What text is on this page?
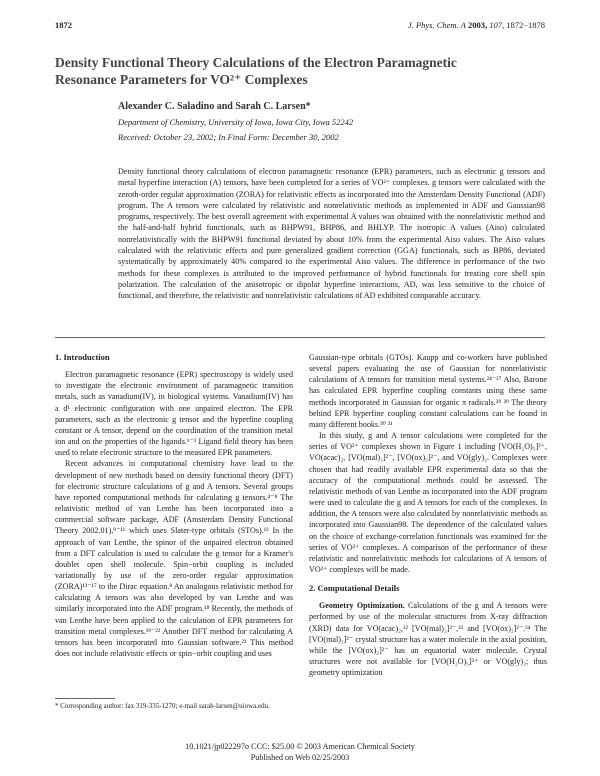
1872	J. Phys. Chem. A 2003, 107, 1872−1878
Density Functional Theory Calculations of the Electron Paramagnetic Resonance Parameters for VO²⁺ Complexes
Alexander C. Saladino and Sarah C. Larsen*
Department of Chemistry, University of Iowa, Iowa City, Iowa 52242
Received: October 23, 2002; In Final Form: December 30, 2002
Density functional theory calculations of electron paramagnetic resonance (EPR) parameters, such as electronic g tensors and metal hyperfine interaction (A) tensors, have been completed for a series of VO²⁺ complexes. g tensors were calculated with the zeroth-order regular approximation (ZORA) for relativistic effects as incorporated into the Amsterdam Density Functional (ADF) program. The A tensors were calculated by relativistic and nonrelativistic methods as implemented in ADF and Gaussian98 programs, respectively. The best overall agreement with experimental A values was obtained with the nonrelativistic method and the half-and-half hybrid functionals, such as BHPW91, BHP86, and BHLYP. The isotropic A values (Aiso) calculated nonrelativistically with the BHPW91 functional deviated by about 10% from the experimental Aiso values. The Aiso values calculated with the relativistic effects and pure generalized gradient correction (GGA) functionals, such as BP86, deviated systematically by approximately 40% compared to the experimental Aiso values. The difference in performance of the two methods for these complexes is attributed to the improved performance of hybrid functionals for treating core shell spin polarization. The calculation of the anisotropic or dipolar hyperfine interactions, AD, was less sensitive to the choice of functional, and therefore, the relativistic and nonrelativistic calculations of AD exhibited comparable accuracy.
1. Introduction

Electron paramagnetic resonance (EPR) spectroscopy is widely used to investigate the electronic environment of paramagnetic transition metals, such as vanadium(IV), in biological systems. Vanadium(IV) has a d¹ electronic configuration with one unpaired electron. The EPR parameters, such as the electronic g tensor and the hyperfine coupling constant or A tensor, depend on the coordination of the transition metal ion and on the properties of the ligands.¹⁻³ Ligand field theory has been used to relate electronic structure to the measured EPR parameters.

Recent advances in computational chemistry have lead to the development of new methods based on density functional theory (DFT) for electronic structure calculations of g and A tensors. Several groups have reported computational methods for calculating g tensors.⁴⁻⁸ The relativistic method of van Lenthe has been incorporated into a commercial software package, ADF (Amsterdam Density Functional Theory 2002.01),⁹⁻¹¹ which uses Slater-type orbitals (STOs).¹² In the approach of van Lenthe, the spinor of the unpaired electron obtained from a DFT calculation is used to calculate the g tensor for a Kramer's doublet open shell molecule. Spin−orbit coupling is included variationally by use of the zero-order regular approximation (ZORA)¹³⁻¹⁷ to the Dirac equation.⁸ An analogous relativistic method for calculating A tensors was also developed by van Lenthe and was similarly incorporated into the ADF program.¹⁸ Recently, the methods of van Lenthe have been applied to the calculation of EPR parameters for transition metal complexes.¹⁹⁻²² Another DFT method for calculating A tensors has been incorporated into Gaussian software.²³ This method does not include relativistic effects or spin−orbit coupling and uses

Gaussian-type orbitals (GTOs). Kaupp and co-workers have published several papers evaluating the use of Gaussian for nonrelativistic calculations of A tensors for transition metal systems.²⁴⁻²⁷ Also, Barone has calculated EPR hyperfine coupling constants using these same methods incorporated in Gaussian for organic π radicals.²⁸ ²⁹ The theory behind EPR hyperfine coupling constant calculations can be found in many different books.³⁰ ³¹

In this study, g and A tensor calculations were completed for the series of VO²⁺ complexes shown in Figure 1 including [VO(H₂O)₅]²⁺, VO(acac)₂, [VO(mal)₂]²⁻, [VO(ox)₂]²⁻, and VO(gly)₂. Complexes were chosen that had readily available EPR experimental data so that the accuracy of the computational methods could be assessed. The relativistic methods of van Lenthe as incorporated into the ADF program were used to calculate the g and A tensors for each of the complexes. In addition, the A tensors were also calculated by nonrelativistic methods as incorporated into Gaussian98. The dependence of the calculated values on the choice of exchange-correlation functionals was examined for the series of VO²⁺ complexes. A comparison of the performance of these relativistic and nonrelativistic methods for calculations of A tensors of VO²⁺ complexes will be made.

2. Computational Details

Geometry Optimization. Calculations of the g and A tensors were performed by use of the molecular structures from X-ray diffraction (XRD) data for VO(acac)₂,³² [VO(mal)₂]²⁻,³³ and [VO(ox)₂]²⁻.³⁴ The [VO(mal)₂]²⁻ crystal structure has a water molecule in the axial position, while the [VO(ox)₂]²⁻ has an equatorial water molecule. Crystal structures were not available for [VO(H₂O)₅]²⁺ or VO(gly)₂; thus geometry optimization

* Corresponding author: fax 319-335-1270; e-mail sarah-larsen@uiowa.edu.
10.1021/jp022297o CCC: $25.00 © 2003 American Chemical Society
Published on Web 02/25/2003
